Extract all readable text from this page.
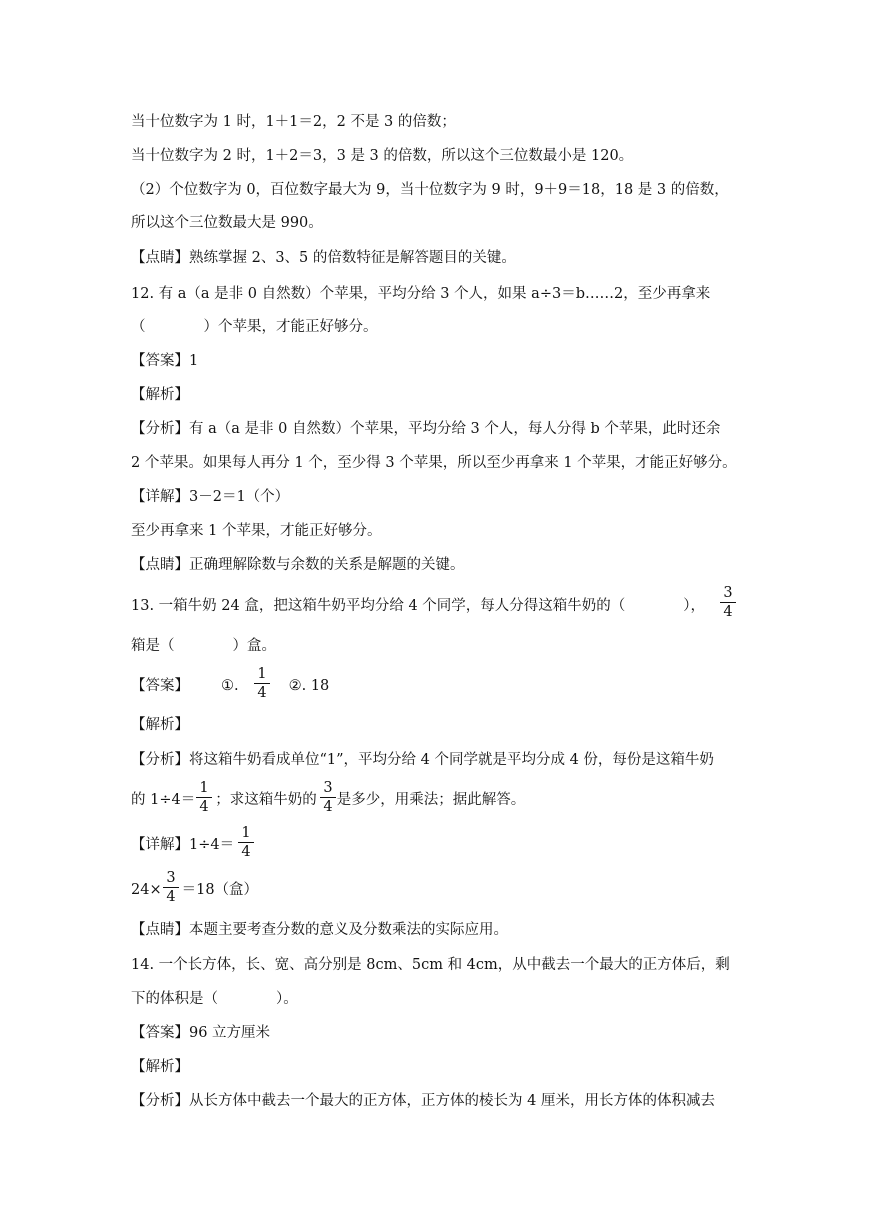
当十位数字为 1 时，1＋1＝2，2 不是 3 的倍数；
当十位数字为 2 时，1＋2＝3，3 是 3 的倍数，所以这个三位数最小是 120。
（2）个位数字为 0，百位数字最大为 9，当十位数字为 9 时，9＋9＝18，18 是 3 的倍数，
所以这个三位数最大是 990。
【点睛】熟练掌握 2、3、5 的倍数特征是解答题目的关键。
12. 有 a（a 是非 0 自然数）个苹果，平均分给 3 个人，如果 a÷3＝b……2，至少再拿来
（	）个苹果，才能正好够分。
【答案】1
【解析】
【分析】有 a（a 是非 0 自然数）个苹果，平均分给 3 个人，每人分得 b 个苹果，此时还余
2 个苹果。如果每人再分 1 个，至少得 3 个苹果，所以至少再拿来 1 个苹果，才能正好够分。
【详解】3－2＝1（个）
至少再拿来 1 个苹果，才能正好够分。
【点睛】正确理解除数与余数的关系是解题的关键。
13. 一箱牛奶 24 盒，把这箱牛奶平均分给 4 个同学，每人分得这箱牛奶的（	），
3
4
箱是（	）盒。
【答案】 ①.	②. 18
1
4
【解析】
【分析】将这箱牛奶看成单位“1”，平均分给 4 个同学就是平均分成 4 份，每份是这箱牛奶
的 1÷4＝ ；求这箱牛奶的 是多少，用乘法；据此解答。
1
4
3
4
【详解】1÷4＝
1
4
24× ＝18（盒）
3
4
【点睛】本题主要考查分数的意义及分数乘法的实际应用。
14. 一个长方体，长、宽、高分别是 8cm、5cm 和 4cm，从中截去一个最大的正方体后，剩
下的体积是（	）。
【答案】96 立方厘米
【解析】
【分析】从长方体中截去一个最大的正方体，正方体的棱长为 4 厘米，用长方体的体积减去
